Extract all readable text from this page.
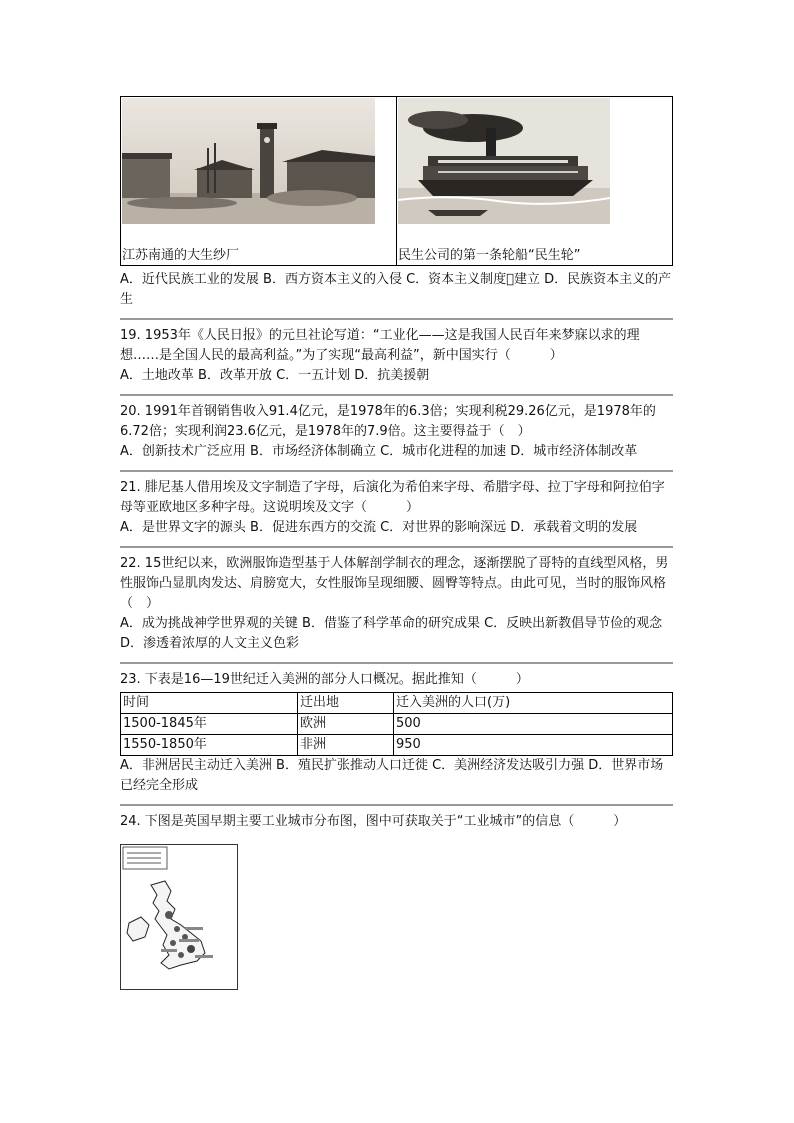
江苏南通的大生纱厂	民生公司的第一条轮船“民生轮”
A．近代民族工业的发展 B．西方资本主义的入侵 C．资本主义制度 建立 D．民族资本主义的产生

19. 1953年《人民日报》的元旦社论写道：“工业化——这是我国人民百年来梦寐以求的理想……是全国人民的最高利益。”为了实现“最高利益”，新中国实行（　　　）

A．土地改革 B．改革开放 C．一五计划 D．抗美援朝

20. 1991年首钢销售收入91.4亿元，是1978年的6.3倍；实现利税29.26亿元，是1978年的6.72倍；实现利润23.6亿元，是1978年的7.9倍。这主要得益于（　）

A．创新技术广泛应用 B．市场经济体制确立 C．城市化进程的加速 D．城市经济体制改革

21. 腓尼基人借用埃及文字制造了字母，后演化为希伯来字母、希腊字母、拉丁字母和阿拉伯字母等亚欧地区多种字母。这说明埃及文字（　　　）

A．是世界文字的源头 B．促进东西方的交流 C．对世界的影响深远 D．承载着文明的发展

22. 15世纪以来，欧洲服饰造型基于人体解剖学制衣的理念，逐渐摆脱了哥特的直线型风格，男性服饰凸显肌肉发达、肩膀宽大，女性服饰呈现细腰、圆臀等特点。由此可见，当时的服饰风格（　）

A．成为挑战神学世界观的关键 B．借鉴了科学革命的研究成果 C．反映出新教倡导节俭的观念 D．渗透着浓厚的人文主义色彩

23. 下表是16—19世纪迁入美洲的部分人口概况。据此推知（　　　）

时间	迁出地	迁入美洲的人口(万)
1500-1845年	欧洲	500
1550-1850年	非洲	950

A．非洲居民主动迁入美洲 B．殖民扩张推动人口迁徙 C．美洲经济发达吸引力强 D．世界市场已经完全形成

24. 下图是英国早期主要工业城市分布图，图中可获取关于“工业城市”的信息（　　　）
